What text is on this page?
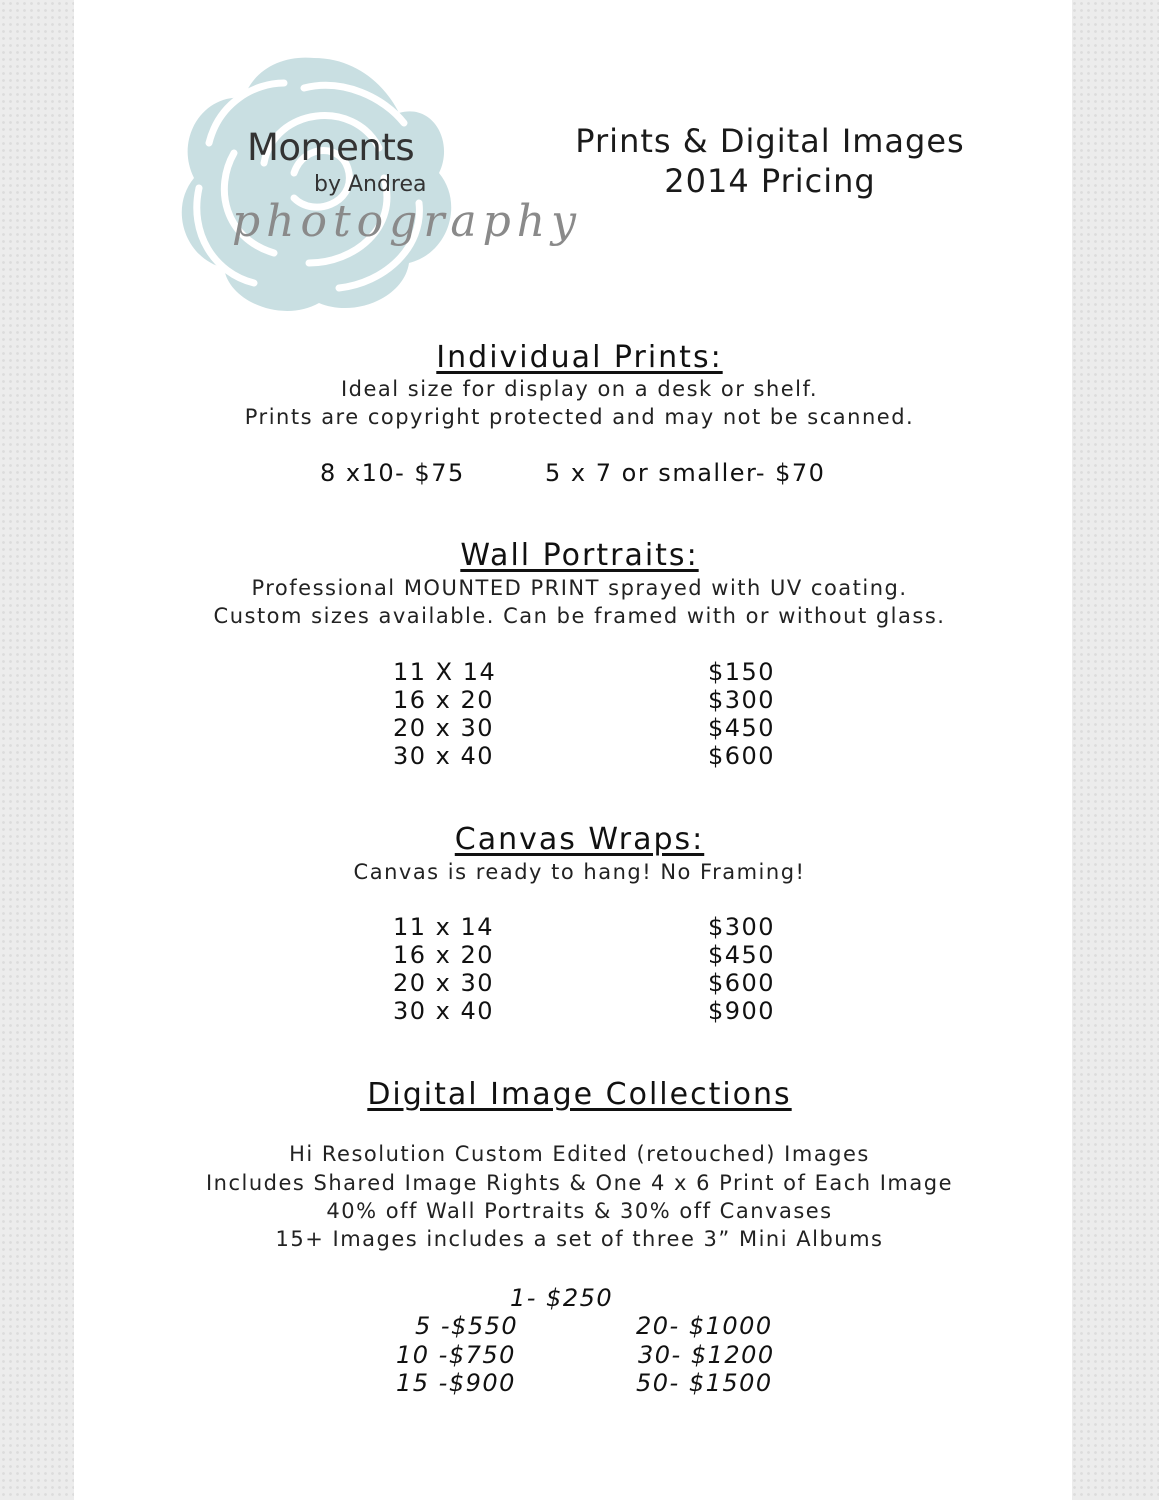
Moments
by Andrea
photography
Prints & Digital Images
2014 Pricing
Individual Prints:
Ideal size for display on a desk or shelf.
Prints are copyright protected and may not be scanned.
8 x10- $75	5 x 7 or smaller- $70
Wall Portraits:
Professional MOUNTED PRINT sprayed with UV coating.
Custom sizes available. Can be framed with or without glass.
11 X 14	$150
16 x 20	$300
20 x 30	$450
30 x 40	$600
Canvas Wraps:
Canvas is ready to hang! No Framing!
11 x 14	$300
16 x 20	$450
20 x 30	$600
30 x 40	$900
Digital Image Collections
Hi Resolution Custom Edited (retouched) Images
Includes Shared Image Rights & One 4 x 6 Print of Each Image
40% off Wall Portraits & 30% off Canvases
15+ Images includes a set of three 3” Mini Albums
1- $250
5 -$550	20- $1000
10 -$750	30- $1200
15 -$900	50- $1500
